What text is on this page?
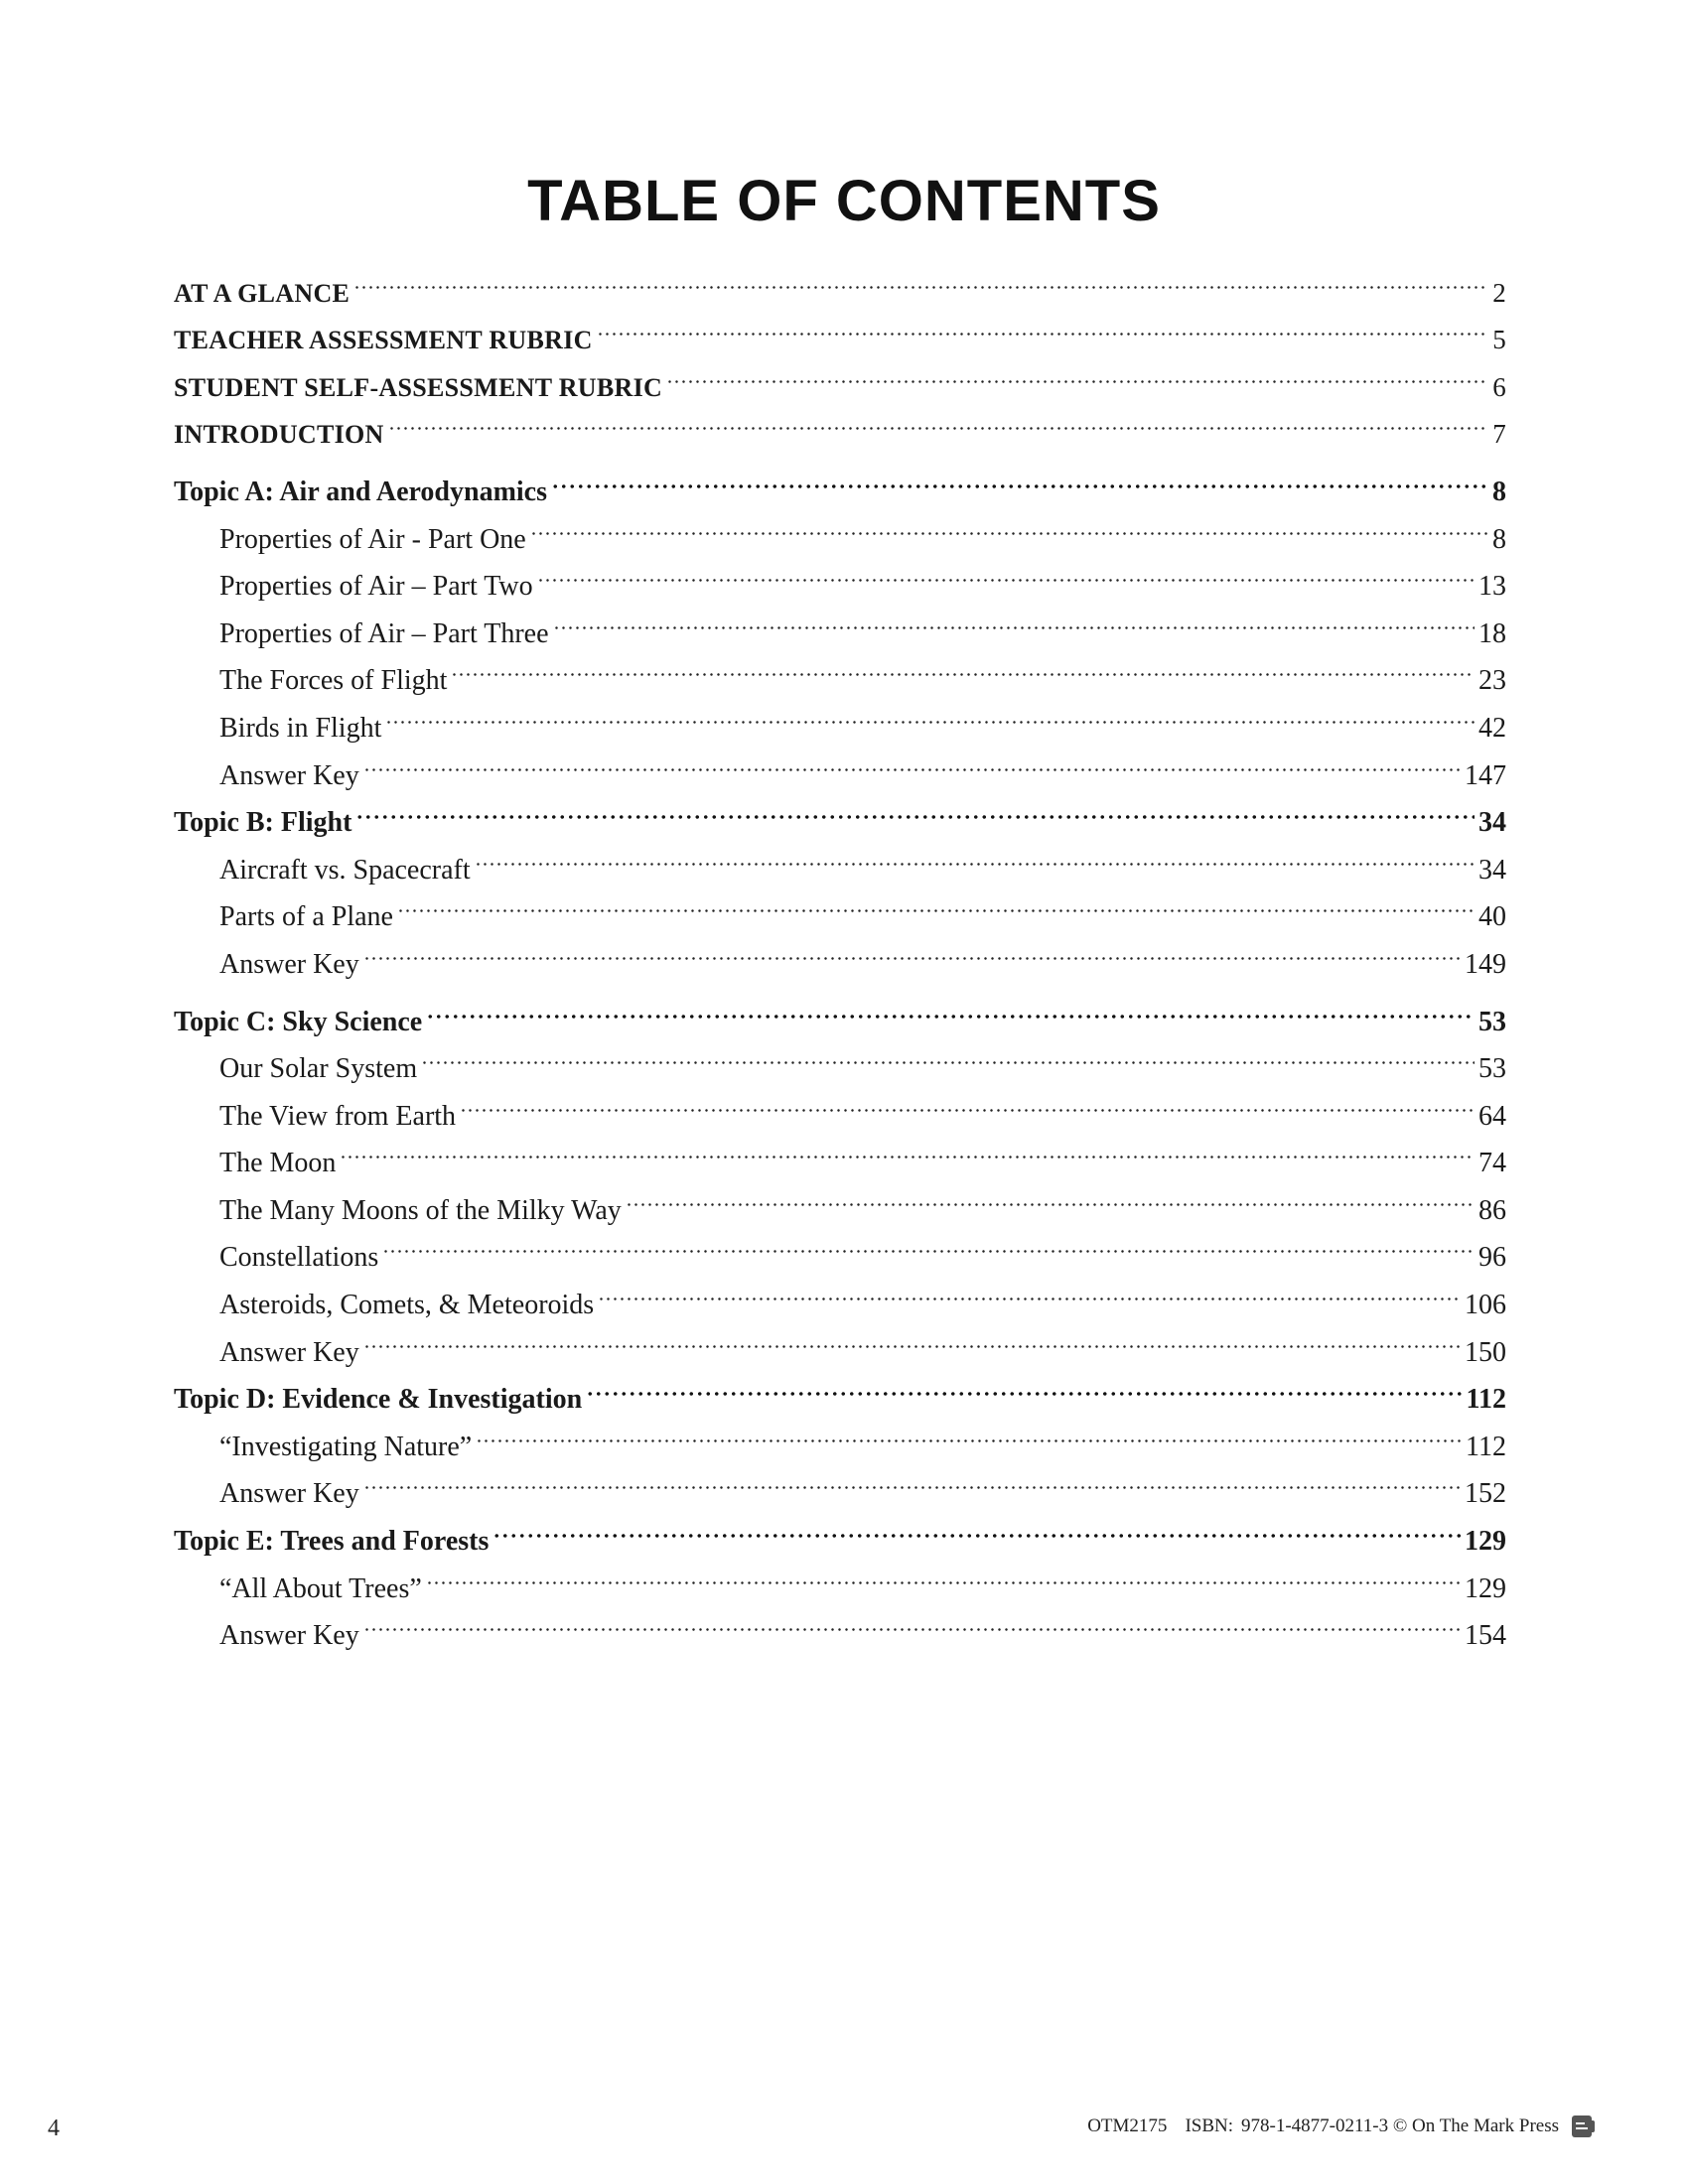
TABLE OF CONTENTS
AT A GLANCE	2
TEACHER ASSESSMENT RUBRIC	5
STUDENT SELF-ASSESSMENT RUBRIC	6
INTRODUCTION	7
Topic A: Air and Aerodynamics	8
Properties of Air - Part One	8
Properties of Air – Part Two	13
Properties of Air – Part Three	18
The Forces of Flight	23
Birds in Flight	42
Answer Key	147
Topic B: Flight	34
Aircraft vs. Spacecraft	34
Parts of a Plane	40
Answer Key	149
Topic C: Sky Science	53
Our Solar System	53
The View from Earth	64
The Moon	74
The Many Moons of the Milky Way	86
Constellations	96
Asteroids, Comets, & Meteoroids	106
Answer Key	150
Topic D: Evidence & Investigation	112
“Investigating Nature”	112
Answer Key	152
Topic E: Trees and Forests	129
“All About Trees”	129
Answer Key	154
4	OTM2175 ISBN: 978-1-4877-0211-3
© On The Mark Press
